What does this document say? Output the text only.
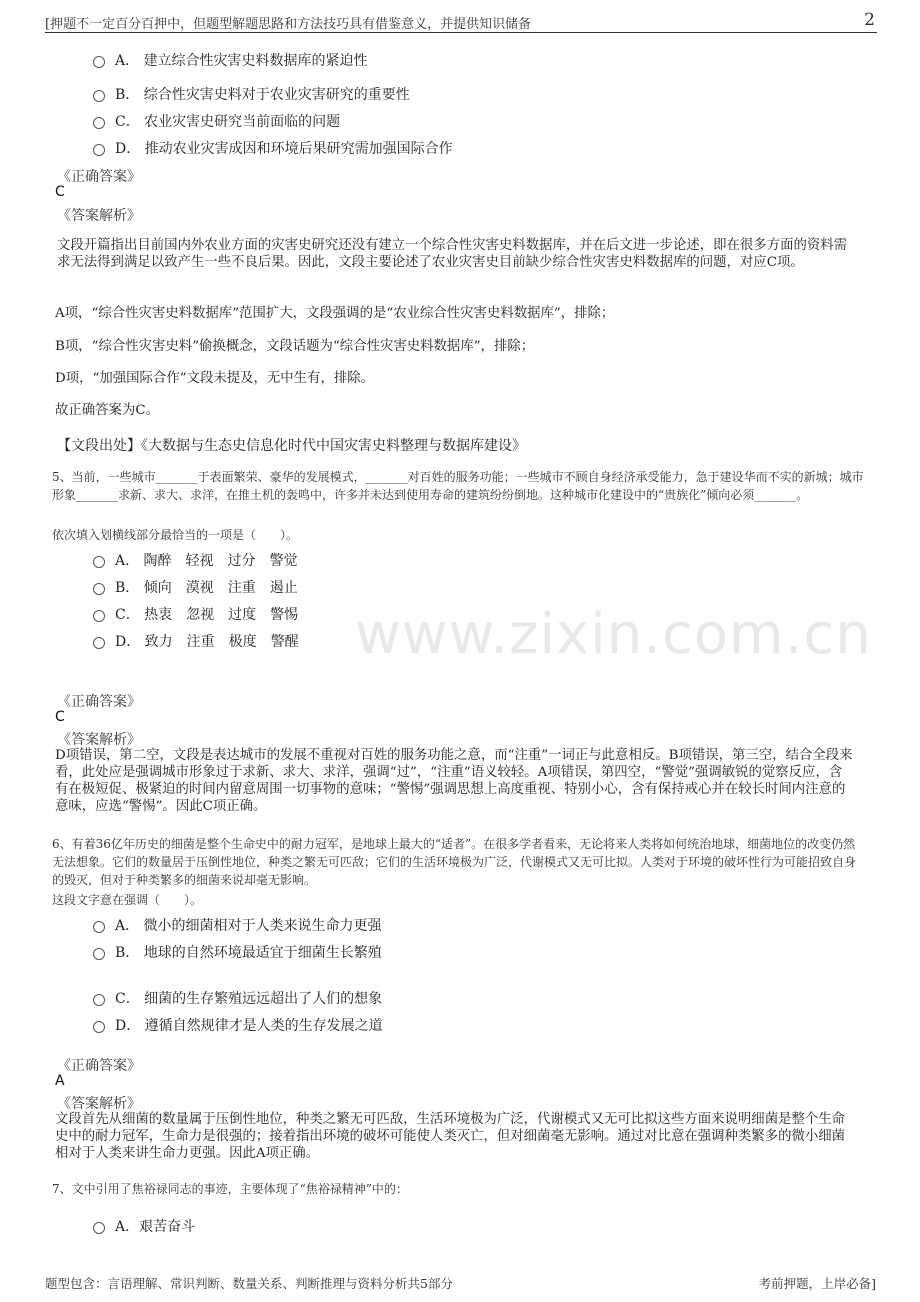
[押题不一定百分百押中，但题型解题思路和方法技巧具有借鉴意义，并提供知识储备	2
www.zixin.com.cn
A． 建立综合性灾害史料数据库的紧迫性
B． 综合性灾害史料对于农业灾害研究的重要性
C． 农业灾害史研究当前面临的问题
D． 推动农业灾害成因和环境后果研究需加强国际合作
《正确答案》
C
《答案解析》
文段开篇指出目前国内外农业方面的灾害史研究还没有建立一个综合性灾害史料数据库，并在后文进一步论述，即在很多方面的资料需求无法得到满足以致产生一些不良后果。因此，文段主要论述了农业灾害史目前缺少综合性灾害史料数据库的问题，对应C项。
A项，“综合性灾害史料数据库”范围扩大，文段强调的是“农业综合性灾害史料数据库”，排除；
B项，“综合性灾害史料”偷换概念，文段话题为“综合性灾害史料数据库”，排除；
D项，“加强国际合作”文段未提及，无中生有，排除。
故正确答案为C。
【文段出处】《大数据与生态史信息化时代中国灾害史料整理与数据库建设》
5、当前，一些城市_______于表面繁荣、豪华的发展模式，_______对百姓的服务功能；一些城市不顾自身经济承受能力，急于建设华而不实的新城；城市形象_______求新、求大、求洋，在推土机的轰鸣中，许多并未达到使用寿命的建筑纷纷倒地。这种城市化建设中的“贵族化”倾向必须_______。
依次填入划横线部分最恰当的一项是（　　）。
A． 陶醉　轻视　过分　警觉
B． 倾向　漠视　注重　遏止
C． 热衷　忽视　过度　警惕
D． 致力　注重　极度　警醒
《正确答案》
C
《答案解析》
D项错误，第二空，文段是表达城市的发展不重视对百姓的服务功能之意，而“注重”一词正与此意相反。B项错误，第三空，结合全段来看，此处应是强调城市形象过于求新、求大、求洋，强调“过”，“注重”语义较轻。A项错误，第四空，“警觉”强调敏锐的觉察反应，含有在极短促、极紧迫的时间内留意周围一切事物的意味；“警惕”强调思想上高度重视、特别小心，含有保持戒心并在较长时间内注意的意味，应选“警惕”。因此C项正确。
6、有着36亿年历史的细菌是整个生命史中的耐力冠军，是地球上最大的“适者”。在很多学者看来，无论将来人类将如何统治地球，细菌地位的改变仍然无法想象。它们的数量居于压倒性地位，种类之繁无可匹敌；它们的生活环境极为广泛，代谢模式又无可比拟。人类对于环境的破坏性行为可能招致自身的毁灭，但对于种类繁多的细菌来说却毫无影响。
这段文字意在强调（　　）。
A． 微小的细菌相对于人类来说生命力更强
B． 地球的自然环境最适宜于细菌生长繁殖
C． 细菌的生存繁殖远远超出了人们的想象
D． 遵循自然规律才是人类的生存发展之道
《正确答案》
A
《答案解析》
文段首先从细菌的数量属于压倒性地位，种类之繁无可匹敌，生活环境极为广泛，代谢模式又无可比拟这些方面来说明细菌是整个生命史中的耐力冠军，生命力是很强的；接着指出环境的破坏可能使人类灭亡，但对细菌毫无影响。通过对比意在强调种类繁多的微小细菌相对于人类来讲生命力更强。因此A项正确。
7、文中引用了焦裕禄同志的事迹，主要体现了“焦裕禄精神”中的：
A．艰苦奋斗
题型包含：言语理解、常识判断、数量关系、判断推理与资料分析共5部分	考前押题，上岸必备]
